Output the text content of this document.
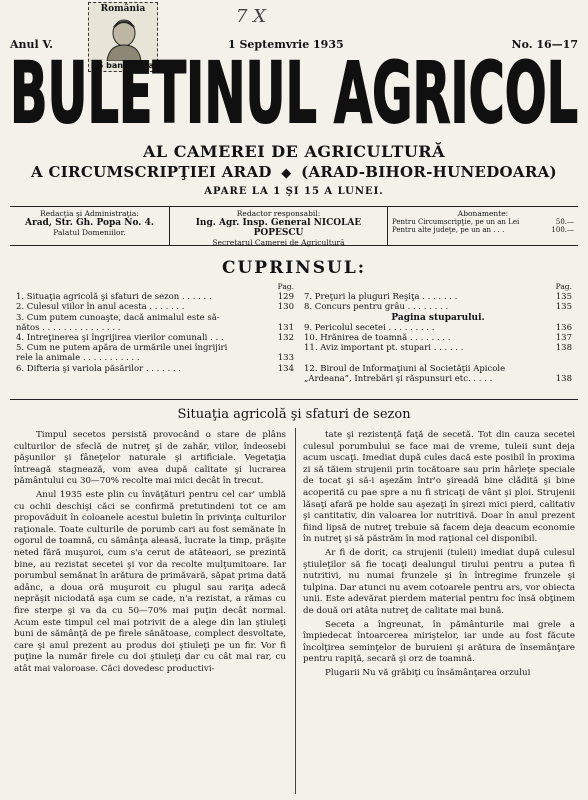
România
25 bani Posta
7 X
Anul V.	1 Septemvrie 1935	No. 16—17
BULETINUL AGRICOL
AL CAMEREI DE AGRICULTURĂ
A CIRCUMSCRIPŢIEI ARAD ◆ (ARAD-BIHOR-HUNEDOARA)
APARE LA 1 ŞI 15 A LUNEI.
Redacţia şi Administraţia:
Arad, Str. Gh. Popa No. 4.
Palatul Domeniilor.
Redactor responsabil:
Ing. Agr. Insp. General NICOLAE POPESCU
Secretarul Camerei de Agricultură
Abonamente:
Pentru Circumscripţie, pe un an Lei	50.—
Pentru alte judeţe, pe un an . . .	100.—
CUPRINSUL:
Pag.
1. Situaţia agricolă şi sfaturi de sezon . . . . . .	129
2. Culesul viilor în anul acesta . . . . . . .	130
3. Cum putem cunoaşte, dacă animalul este să-
nătos . . . . . . . . . . . . . . .	131
4. Întreţinerea şi îngrijirea vierilor comunali . . .	132
5. Cum ne putem apăra de urmările unei îngrijiri
rele la animale . . . . . . . . . . .	133
6. Difteria şi variola păsărilor . . . . . . .	134
Pag.
7. Preţuri la pluguri Reşiţa . . . . . . .	135
8. Concurs pentru grâu . . . . . . . .	135
Pagina stuparului.
9. Pericolul secetei . . . . . . . . .	136
10. Hrănirea de toamnă . . . . . . . .	137
11. Aviz important pt. stupari . . . . . .	138

12. Biroul de Informaţiuni al Societăţii Apicole
„Ardeana”, Întrebări şi răspunsuri etc. . . . .	138
Situaţia agricolă şi sfaturi de sezon

Timpul secetos persistă provocând o stare de plâns culturilor de sfeclă de nutreţ şi de zahăr, viilor, îndeosebi păşunilor şi fâneţelor naturale şi artificiale. Vegetaţia întreagă stagnează, vom avea după calitate şi lucrarea pământului cu 30—70% recolte mai mici decât în trecut.

Anul 1935 este plin cu învăţături pentru cel car' umblă cu ochii deschişi căci se confirmă pretutindeni tot ce am propovăduit în coloanele acestui buletin în privinţa culturilor raţionale. Toate culturile de porumb cari au fost semănate în ogorul de toamnă, cu sămânţa aleasă, lucrate la timp, prăşite neted fără muşuroi, cum s'a cerut de atâteaori, se prezintă bine, au rezistat secetei şi vor da recolte mulţumitoare. Iar porumbul semănat în arătura de primăvară, săpat prima dată adânc, a doua oră muşuroit cu plugul sau rariţa adecă neprăşit niciodată aşa cum se cade, n'a rezistat, a rămas cu fire sterpe şi va da cu 50—70% mai puţin decât normal. Acum este timpul cel mai potrivit de a alege din lan ştiuleţi buni de sămânţă de pe firele sănătoase, complect desvoltate, care şi anul prezent au produs doi ştiuleţi pe un fir. Vor fi puţine la număr firele cu doi ştiuleţi dar cu cât mai rar, cu atât mai valoroase. Căci dovedesc productivi-

tate şi rezistenţă faţă de secetă. Tot din cauza secetei culesul porumbului se face mai de vreme, tuleii sunt deja acum uscaţi. Imediat după cules dacă este posibil în proxima zi să tăiem strujenii prin tocătoare sau prin hârleţe speciale de tocat şi să-i aşezăm într'o şireadă bine clădită şi bine acoperită cu pae spre a nu fi stricaţi de vânt şi ploi. Strujenii lăsaţi afară pe holde sau aşezaţi în şirezi mici pierd, calitativ şi cantitativ, din valoarea lor nutritivă. Doar în anul prezent fiind lipsă de nutreţ trebuie să facem deja deacum economie în nutreţ şi să păstrăm în mod raţional cel disponibil.

Ar fi de dorit, ca strujenii (tuleii) imediat după culesul ştiuleţilor să fie tocaţi dealungul tirului pentru a putea fi nutritivi, nu numai frunzele şi în întregime frunzele şi tulpina. Dar atunci nu avem cotoarele pentru ars, vor obiecta unii. Este adevărat pierdem material pentru foc însă obţinem de două ori atâta nutreţ de calitate mai bună.

Seceta a îngreunat, în pământurile mai grele a împiedecat întoarcerea miriştelor, iar unde au fost făcute încolţirea seminţelor de buruieni şi arătura de însemânţare pentru rapiţă, secară şi orz de toamnă.

Plugarii Nu vă grăbiţi cu însămânţarea orzului
